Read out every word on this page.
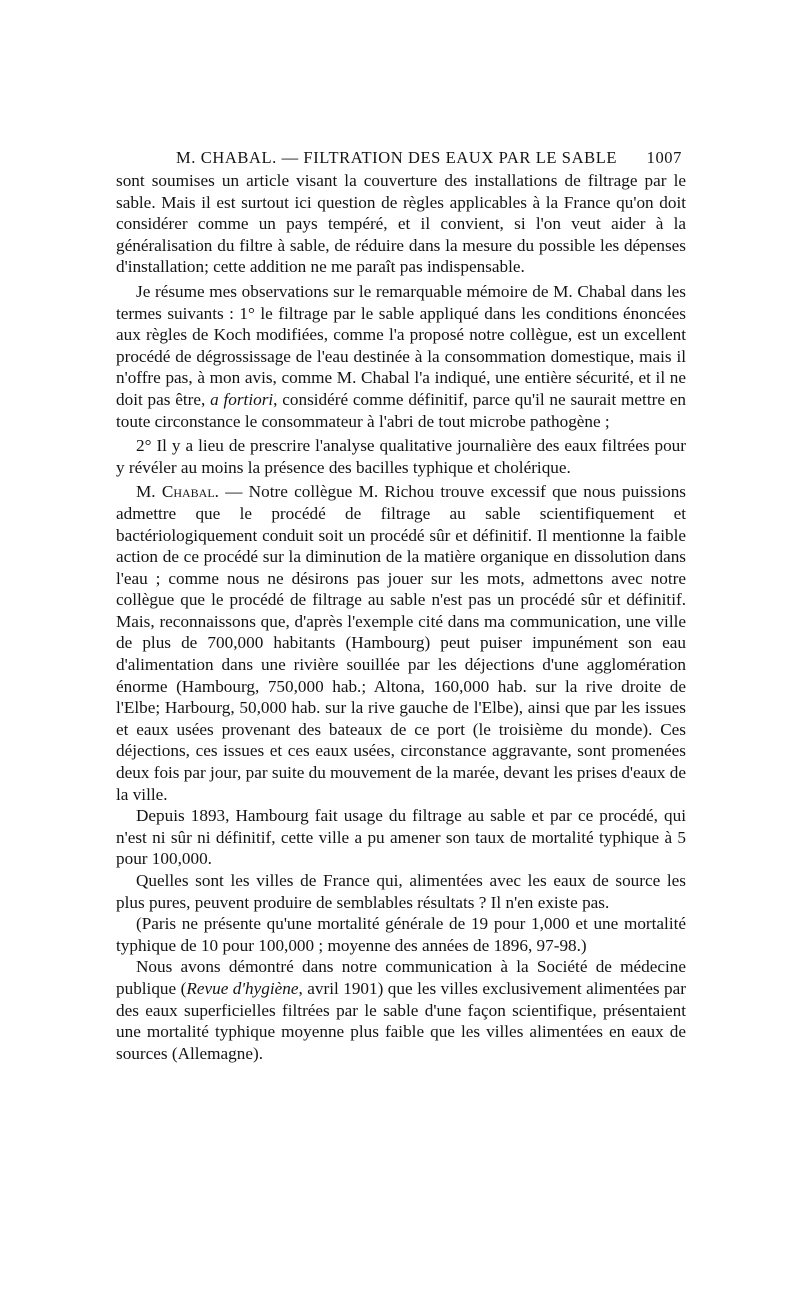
M. CHABAL. — FILTRATION DES EAUX PAR LE SABLE 1007

sont soumises un article visant la couverture des installations de filtrage par le sable. Mais il est surtout ici question de règles applicables à la France qu'on doit considérer comme un pays tempéré, et il convient, si l'on veut aider à la généralisation du filtre à sable, de réduire dans la mesure du possible les dépenses d'installation; cette addition ne me paraît pas indispensable.

Je résume mes observations sur le remarquable mémoire de M. Chabal dans les termes suivants : 1° le filtrage par le sable appliqué dans les conditions énoncées aux règles de Koch modifiées, comme l'a proposé notre collègue, est un excellent procédé de dégrossissage de l'eau destinée à la consommation domestique, mais il n'offre pas, à mon avis, comme M. Chabal l'a indiqué, une entière sécurité, et il ne doit pas être, a fortiori, considéré comme définitif, parce qu'il ne saurait mettre en toute circonstance le consommateur à l'abri de tout microbe pathogène ;

2° Il y a lieu de prescrire l'analyse qualitative journalière des eaux filtrées pour y révéler au moins la présence des bacilles typhique et cholérique.

M. Chabal. — Notre collègue M. Richou trouve excessif que nous puissions admettre que le procédé de filtrage au sable scientifiquement et bactériologiquement conduit soit un procédé sûr et définitif. Il mentionne la faible action de ce procédé sur la diminution de la matière organique en dissolution dans l'eau ; comme nous ne désirons pas jouer sur les mots, admettons avec notre collègue que le procédé de filtrage au sable n'est pas un procédé sûr et définitif. Mais, reconnaissons que, d'après l'exemple cité dans ma communication, une ville de plus de 700,000 habitants (Hambourg) peut puiser impunément son eau d'alimentation dans une rivière souillée par les déjections d'une agglomération énorme (Hambourg, 750,000 hab.; Altona, 160,000 hab. sur la rive droite de l'Elbe; Harbourg, 50,000 hab. sur la rive gauche de l'Elbe), ainsi que par les issues et eaux usées provenant des bateaux de ce port (le troisième du monde). Ces déjections, ces issues et ces eaux usées, circonstance aggravante, sont promenées deux fois par jour, par suite du mouvement de la marée, devant les prises d'eaux de la ville.

Depuis 1893, Hambourg fait usage du filtrage au sable et par ce procédé, qui n'est ni sûr ni définitif, cette ville a pu amener son taux de mortalité typhique à 5 pour 100,000.

Quelles sont les villes de France qui, alimentées avec les eaux de source les plus pures, peuvent produire de semblables résultats ? Il n'en existe pas.

(Paris ne présente qu'une mortalité générale de 19 pour 1,000 et une mortalité typhique de 10 pour 100,000 ; moyenne des années de 1896, 97-98.)

Nous avons démontré dans notre communication à la Société de médecine publique (Revue d'hygiène, avril 1901) que les villes exclusivement alimentées par des eaux superficielles filtrées par le sable d'une façon scientifique, présentaient une mortalité typhique moyenne plus faible que les villes alimentées en eaux de sources (Allemagne).
